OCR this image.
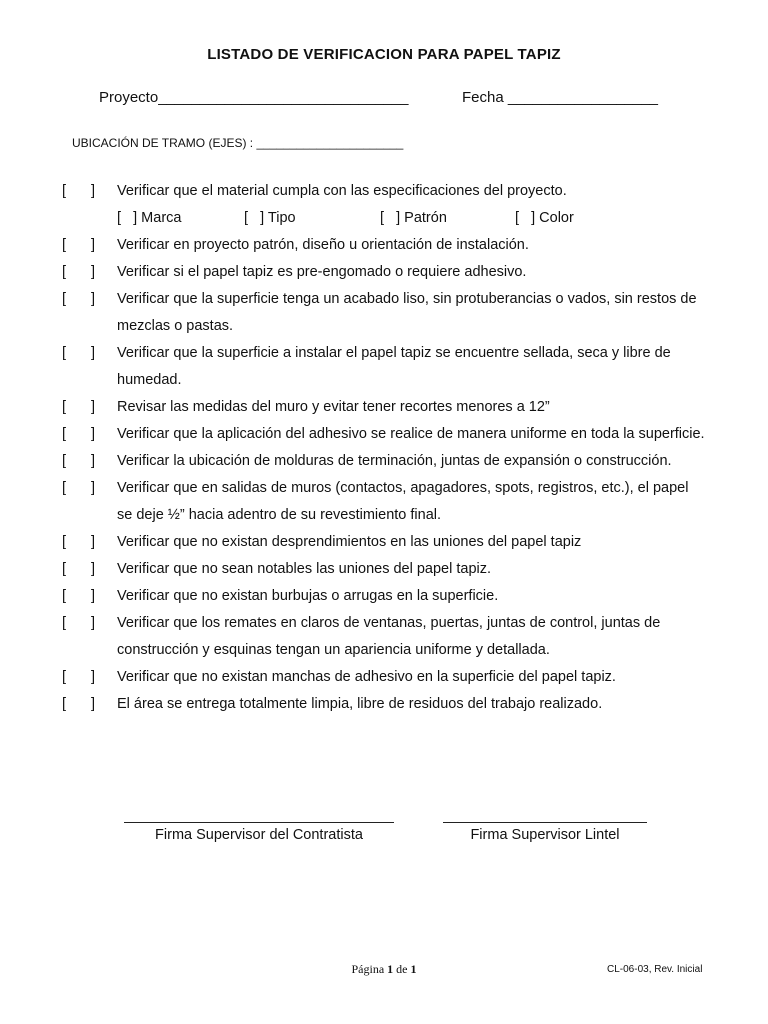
LISTADO DE VERIFICACION PARA PAPEL TAPIZ
Proyecto______________________________	Fecha __________________
UBICACIÓN DE TRAMO (EJES) : ______________________
[ ] Verificar que el material cumpla con las especificaciones del proyecto.
[   ] Marca	[   ] Tipo	[   ] Patrón	[   ] Color
[ ] Verificar en proyecto patrón, diseño u orientación de instalación.
[ ] Verificar si el papel tapiz es pre-engomado o requiere adhesivo.
[ ] Verificar que la superficie tenga un acabado liso, sin protuberancias o vados, sin restos de mezclas o pastas.
[ ] Verificar que la superficie a instalar el papel tapiz se encuentre sellada, seca y libre de humedad.
[ ] Revisar las medidas del muro y evitar tener recortes menores a 12”
[ ] Verificar que la aplicación del adhesivo se realice de manera uniforme en toda la superficie.
[ ] Verificar la ubicación de molduras de terminación, juntas de expansión o construcción.
[ ] Verificar que en salidas de muros (contactos, apagadores, spots, registros, etc.), el papel se deje ½” hacia adentro de su revestimiento final.
[ ] Verificar que no existan desprendimientos en las uniones del papel tapiz
[ ] Verificar que no sean notables las uniones del papel tapiz.
[ ] Verificar que no existan burbujas o arrugas en la superficie.
[ ] Verificar que los remates en claros de ventanas, puertas, juntas de control, juntas de construcción y esquinas tengan un apariencia uniforme y detallada.
[ ] Verificar que no existan manchas de adhesivo en la superficie del papel tapiz.
[ ] El área se entrega totalmente limpia, libre de residuos del trabajo realizado.
Firma Supervisor del Contratista	Firma Supervisor Lintel
Página 1 de 1	CL-06-03, Rev. Inicial
